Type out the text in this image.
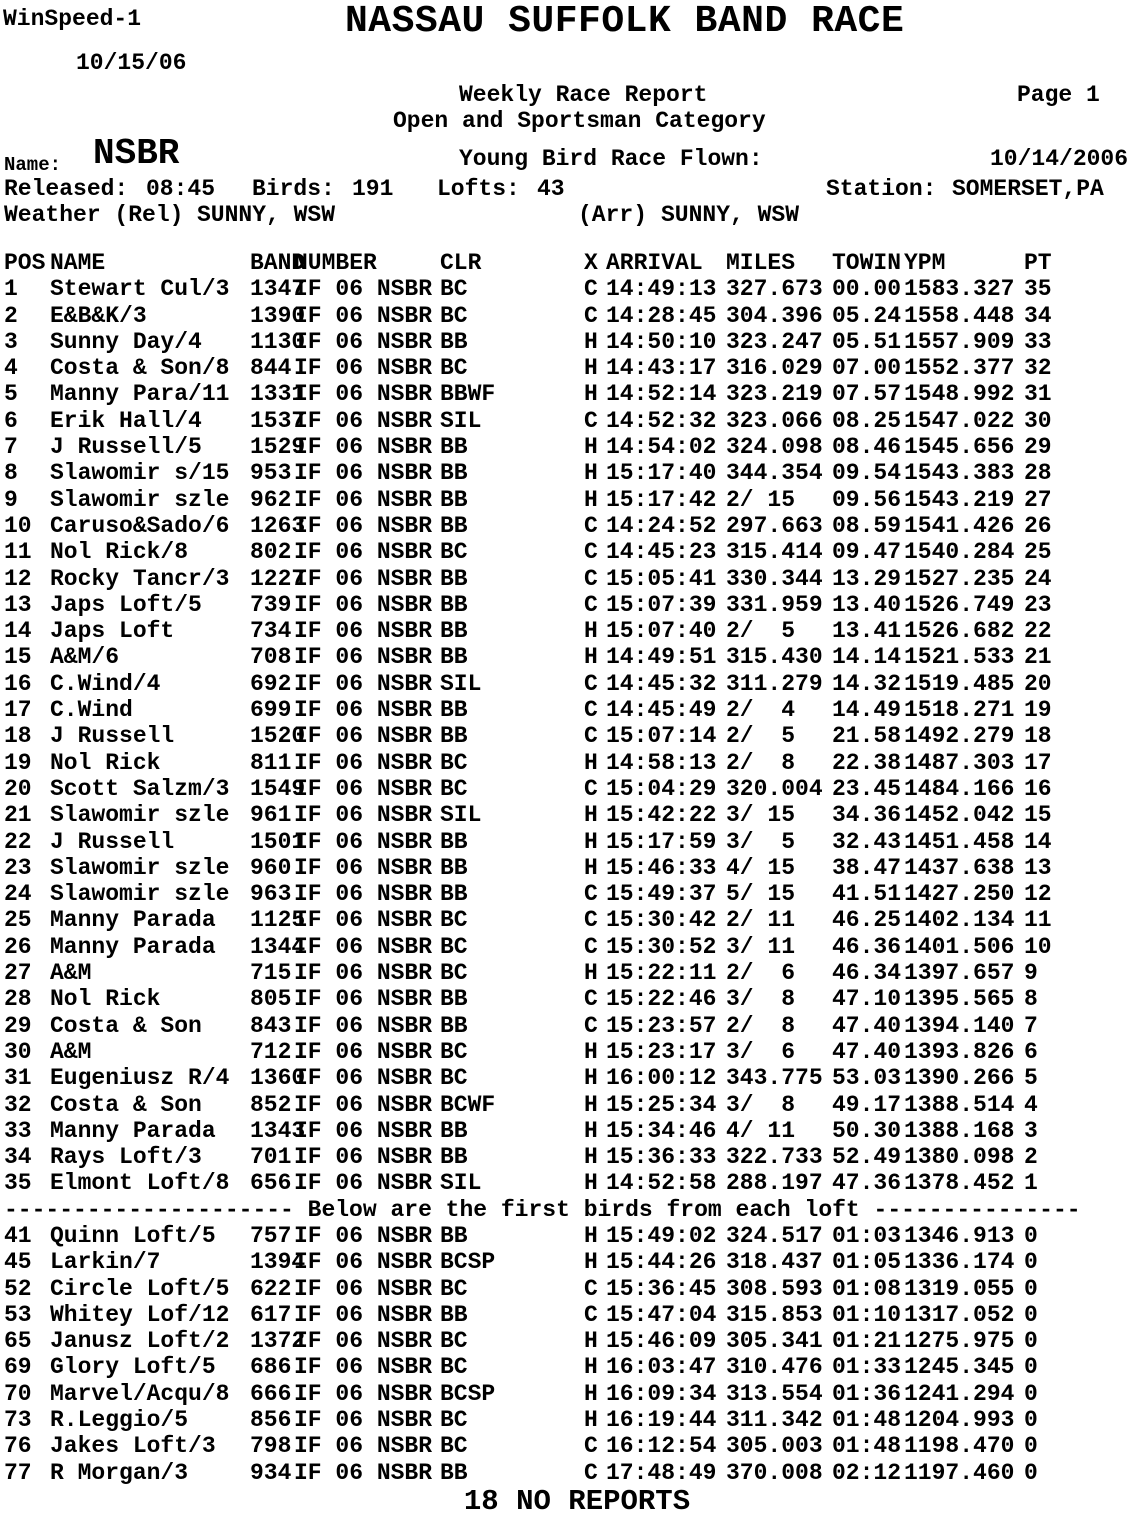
WinSpeed-1	NASSAU SUFFOLK BAND RACE
10/15/06
Weekly Race Report	Page 1
Open and Sportsman Category
Name: NSBR	Young Bird Race Flown:	10/14/2006
Released: 08:45 Birds: 191 Lofts: 43	Station: SOMERSET,PA
Weather (Rel) SUNNY, WSW	(Arr) SUNNY, WSW
POS	NAME	BAND	NUMBER	CLR	X	ARRIVAL	MILES	TOWIN	YPM	PT
1	Stewart Cul/3	1347	IF 06 NSBR	BC	C	14:49:13	327.673	00.00	1583.327	35
2	E&B&K/3	1390	IF 06 NSBR	BC	C	14:28:45	304.396	05.24	1558.448	34
3	Sunny Day/4	1130	IF 06 NSBR	BB	H	14:50:10	323.247	05.51	1557.909	33
4	Costa & Son/8	844	IF 06 NSBR	BC	H	14:43:17	316.029	07.00	1552.377	32
5	Manny Para/11	1331	IF 06 NSBR	BBWF	H	14:52:14	323.219	07.57	1548.992	31
6	Erik Hall/4	1537	IF 06 NSBR	SIL	C	14:52:32	323.066	08.25	1547.022	30
7	J Russell/5	1529	IF 06 NSBR	BB	H	14:54:02	324.098	08.46	1545.656	29
8	Slawomir s/15	953	IF 06 NSBR	BB	H	15:17:40	344.354	09.54	1543.383	28
9	Slawomir szle	962	IF 06 NSBR	BB	H	15:17:42	2/ 15	09.56	1543.219	27
10	Caruso&Sado/6	1263	IF 06 NSBR	BB	C	14:24:52	297.663	08.59	1541.426	26
11	Nol Rick/8	802	IF 06 NSBR	BC	C	14:45:23	315.414	09.47	1540.284	25
12	Rocky Tancr/3	1227	IF 06 NSBR	BB	C	15:05:41	330.344	13.29	1527.235	24
13	Japs Loft/5	739	IF 06 NSBR	BB	C	15:07:39	331.959	13.40	1526.749	23
14	Japs Loft	734	IF 06 NSBR	BB	H	15:07:40	2/  5	13.41	1526.682	22
15	A&M/6	708	IF 06 NSBR	BB	H	14:49:51	315.430	14.14	1521.533	21
16	C.Wind/4	692	IF 06 NSBR	SIL	C	14:45:32	311.279	14.32	1519.485	20
17	C.Wind	699	IF 06 NSBR	BB	C	14:45:49	2/  4	14.49	1518.271	19
18	J Russell	1520	IF 06 NSBR	BB	C	15:07:14	2/  5	21.58	1492.279	18
19	Nol Rick	811	IF 06 NSBR	BC	H	14:58:13	2/  8	22.38	1487.303	17
20	Scott Salzm/3	1549	IF 06 NSBR	BC	C	15:04:29	320.004	23.45	1484.166	16
21	Slawomir szle	961	IF 06 NSBR	SIL	H	15:42:22	3/ 15	34.36	1452.042	15
22	J Russell	1501	IF 06 NSBR	BB	H	15:17:59	3/  5	32.43	1451.458	14
23	Slawomir szle	960	IF 06 NSBR	BB	H	15:46:33	4/ 15	38.47	1437.638	13
24	Slawomir szle	963	IF 06 NSBR	BB	C	15:49:37	5/ 15	41.51	1427.250	12
25	Manny Parada	1125	IF 06 NSBR	BC	C	15:30:42	2/ 11	46.25	1402.134	11
26	Manny Parada	1344	IF 06 NSBR	BC	C	15:30:52	3/ 11	46.36	1401.506	10
27	A&M	715	IF 06 NSBR	BC	H	15:22:11	2/  6	46.34	1397.657	9
28	Nol Rick	805	IF 06 NSBR	BB	C	15:22:46	3/  8	47.10	1395.565	8
29	Costa & Son	843	IF 06 NSBR	BB	C	15:23:57	2/  8	47.40	1394.140	7
30	A&M	712	IF 06 NSBR	BC	H	15:23:17	3/  6	47.40	1393.826	6
31	Eugeniusz R/4	1360	IF 06 NSBR	BC	H	16:00:12	343.775	53.03	1390.266	5
32	Costa & Son	852	IF 06 NSBR	BCWF	H	15:25:34	3/  8	49.17	1388.514	4
33	Manny Parada	1343	IF 06 NSBR	BB	H	15:34:46	4/ 11	50.30	1388.168	3
34	Rays Loft/3	701	IF 06 NSBR	BB	H	15:36:33	322.733	52.49	1380.098	2
35	Elmont Loft/8	656	IF 06 NSBR	SIL	H	14:52:58	288.197	47.36	1378.452	1
--------------------- Below are the first birds from each loft ---------------										
41	Quinn Loft/5	757	IF 06 NSBR	BB	H	15:49:02	324.517	01:03	1346.913	0
45	Larkin/7	1394	IF 06 NSBR	BCSP	H	15:44:26	318.437	01:05	1336.174	0
52	Circle Loft/5	622	IF 06 NSBR	BC	C	15:36:45	308.593	01:08	1319.055	0
53	Whitey Lof/12	617	IF 06 NSBR	BB	C	15:47:04	315.853	01:10	1317.052	0
65	Janusz Loft/2	1372	IF 06 NSBR	BC	H	15:46:09	305.341	01:21	1275.975	0
69	Glory Loft/5	686	IF 06 NSBR	BC	H	16:03:47	310.476	01:33	1245.345	0
70	Marvel/Acqu/8	666	IF 06 NSBR	BCSP	H	16:09:34	313.554	01:36	1241.294	0
73	R.Leggio/5	856	IF 06 NSBR	BC	H	16:19:44	311.342	01:48	1204.993	0
76	Jakes Loft/3	798	IF 06 NSBR	BC	C	16:12:54	305.003	01:48	1198.470	0
77	R Morgan/3	934	IF 06 NSBR	BB	C	17:48:49	370.008	02:12	1197.460	0
18 NO REPORTS
